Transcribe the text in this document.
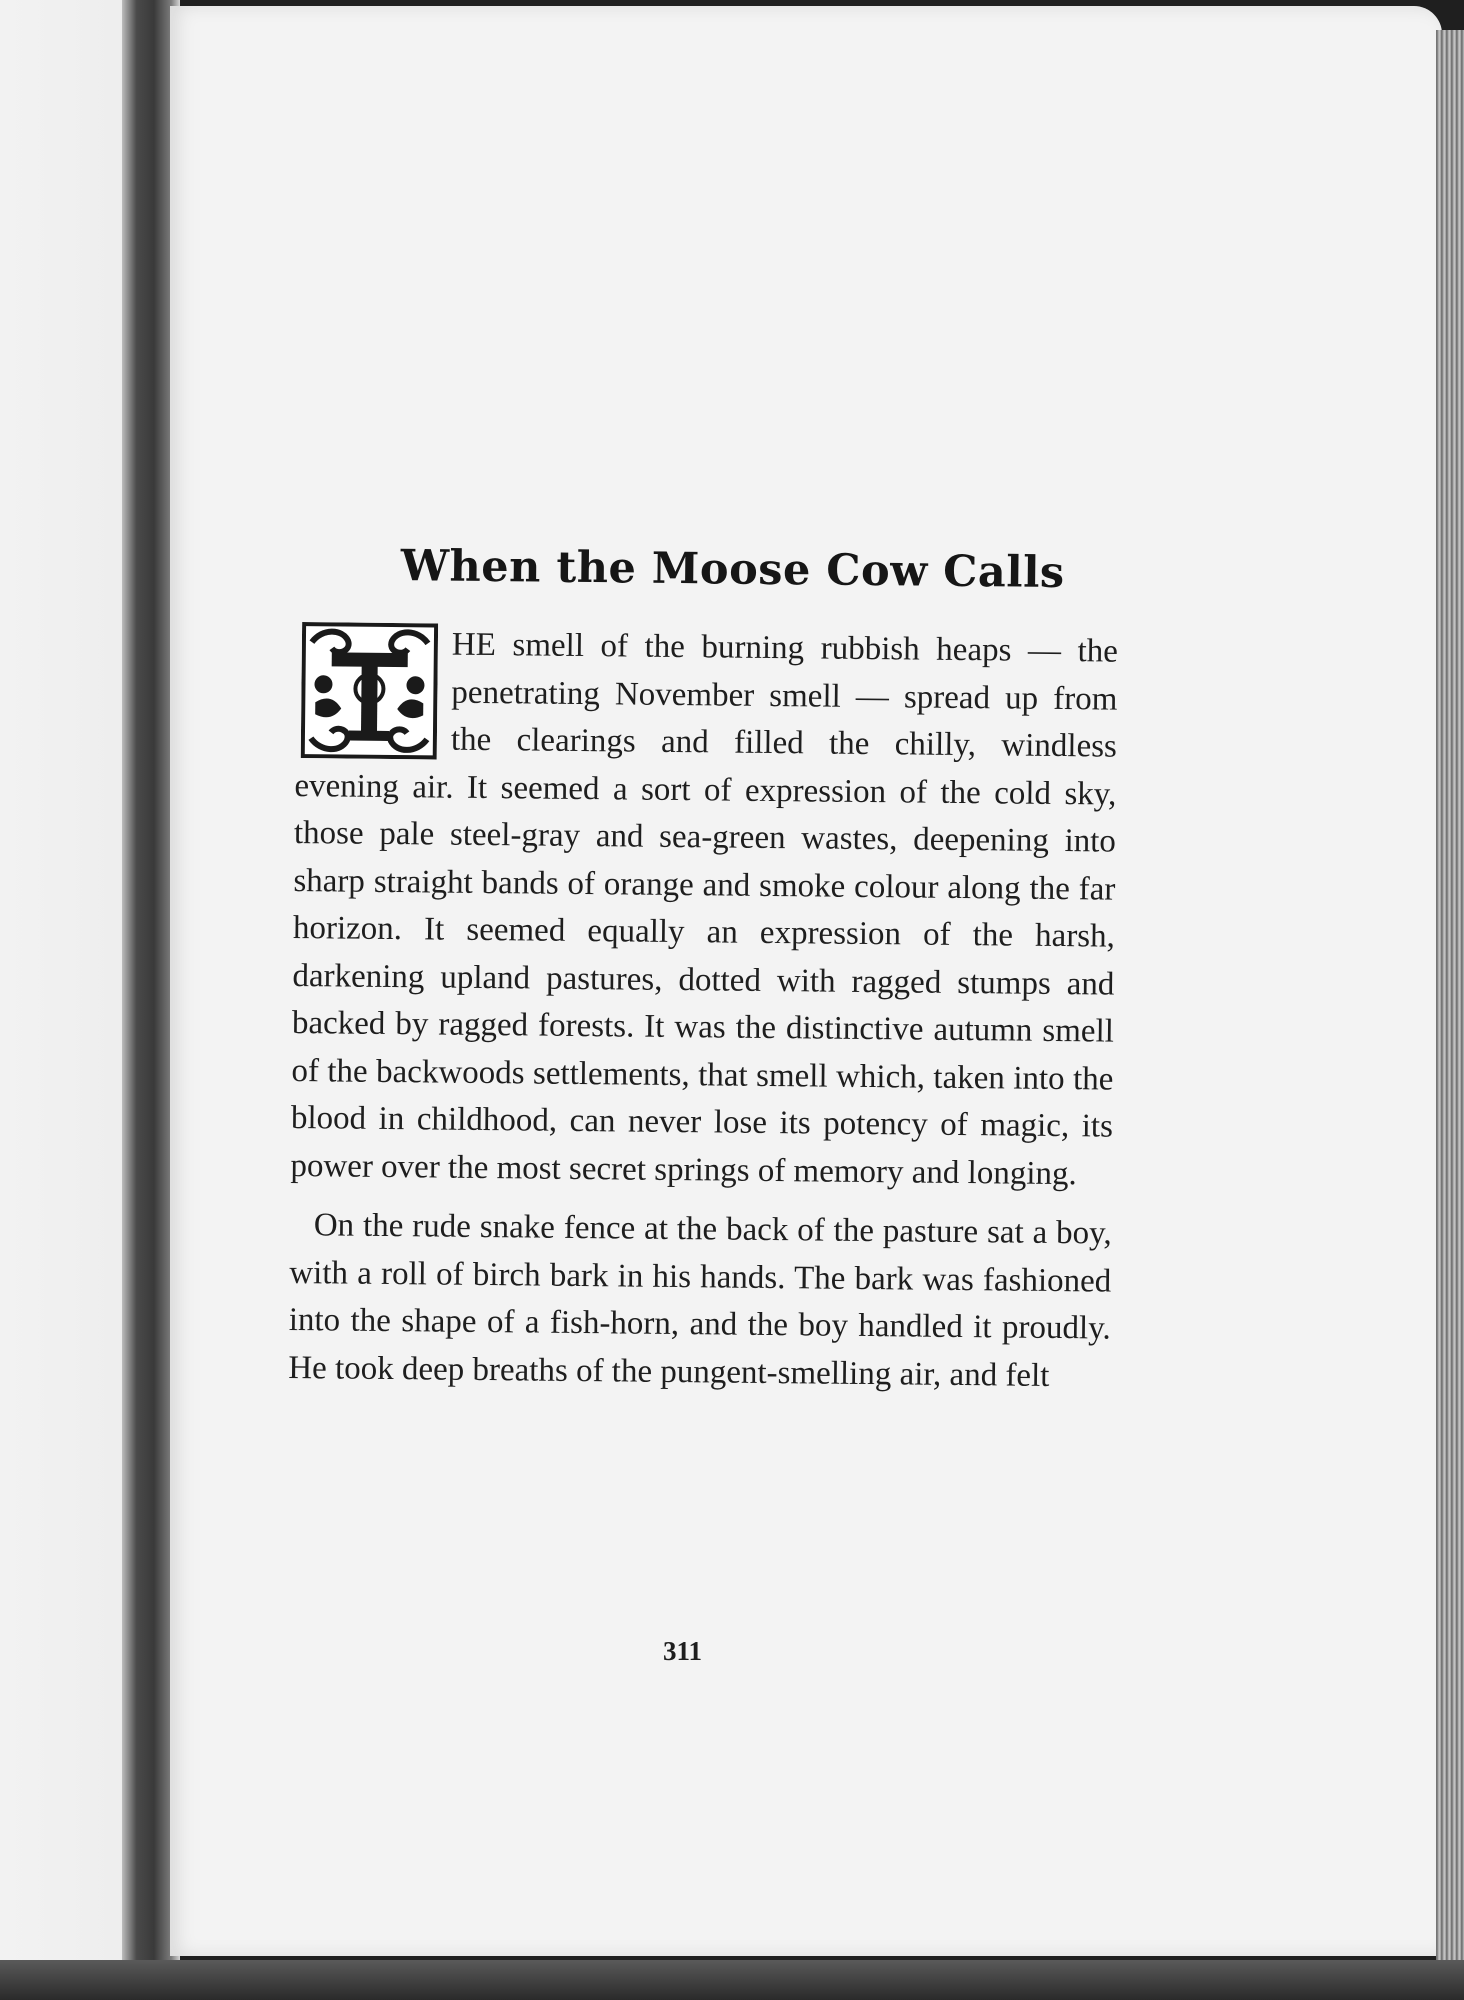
When the Moose Cow Calls

HE smell of the burning rubbish heaps — the penetrating November smell — spread up from the clearings and filled the chilly, windless evening air. It seemed a sort of expression of the cold sky, those pale steel-gray and sea-green wastes, deepening into sharp straight bands of orange and smoke colour along the far horizon. It seemed equally an expression of the harsh, darkening upland pastures, dotted with ragged stumps and backed by ragged forests. It was the distinctive autumn smell of the backwoods settlements, that smell which, taken into the blood in childhood, can never lose its potency of magic, its power over the most secret springs of memory and longing.

On the rude snake fence at the back of the pasture sat a boy, with a roll of birch bark in his hands. The bark was fashioned into the shape of a fish-horn, and the boy handled it proudly. He took deep breaths of the pungent-smelling air, and felt

311
